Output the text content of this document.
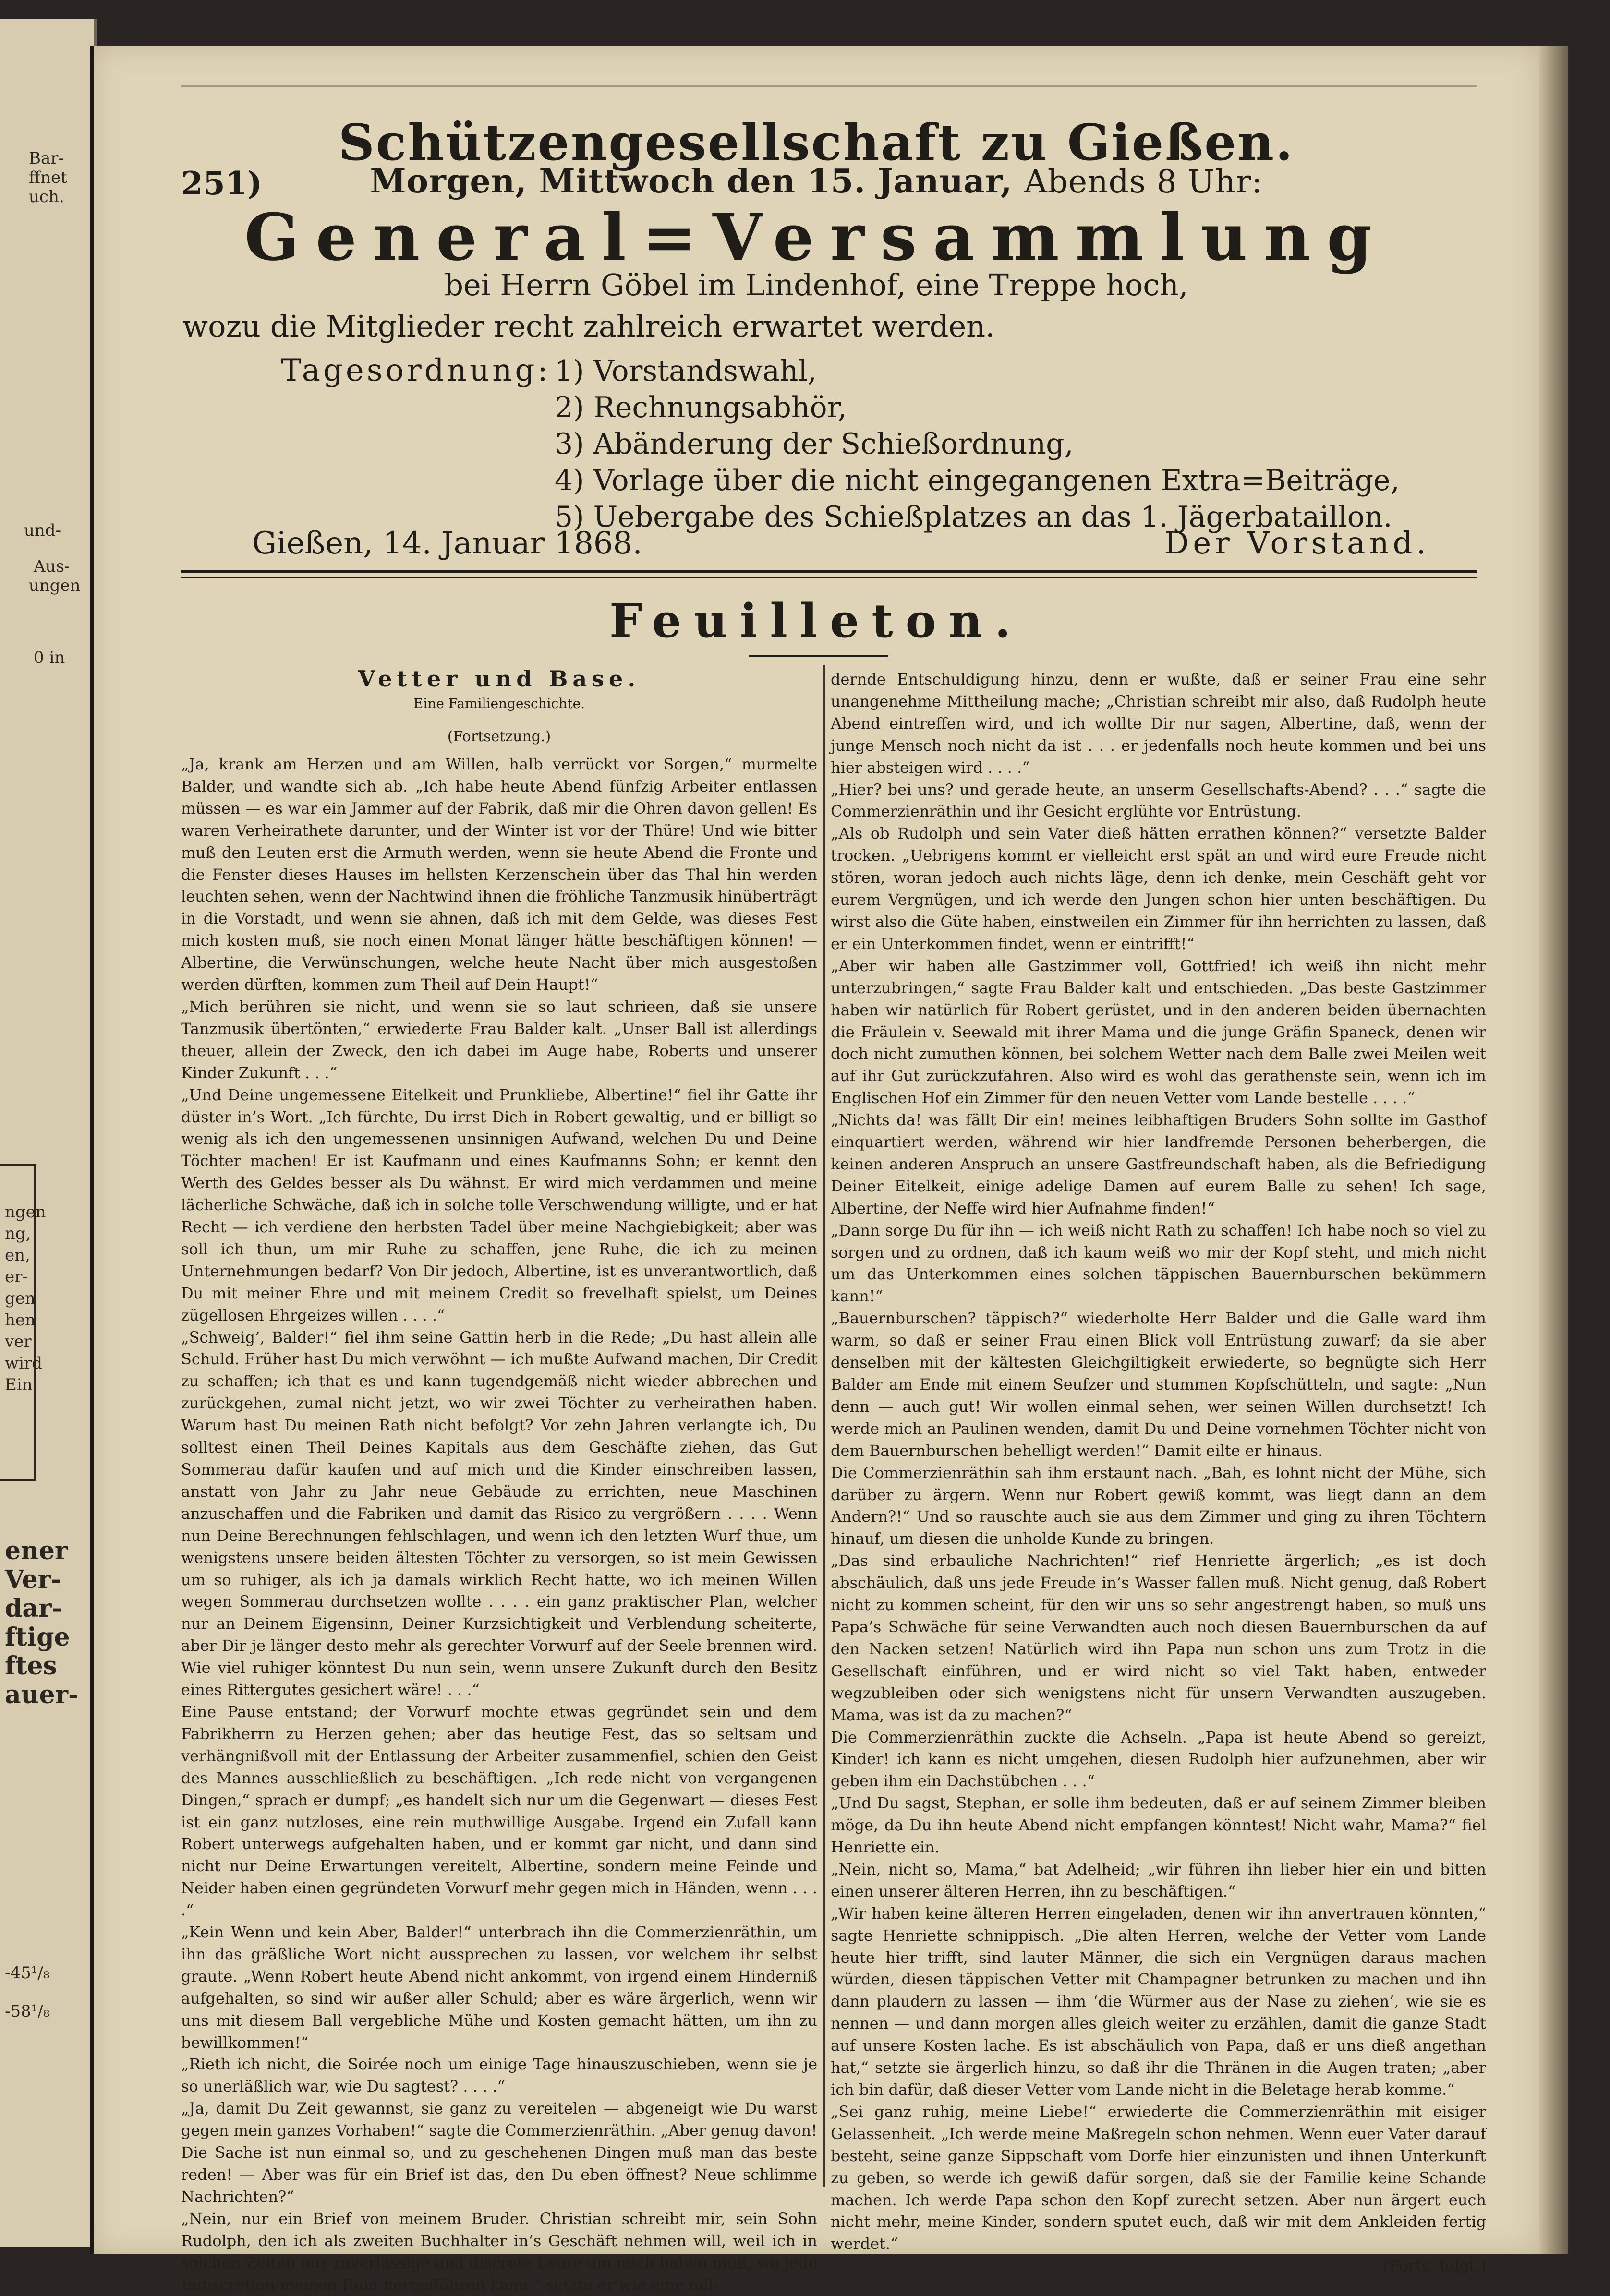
Bar-
ffnet
uch.
und-
Aus-
ungen
0 in
ngen
ng,
en,
er-
gen
hen
ver
wird
Ein
ener
Ver-
dar-
ftige
ftes
auer-
-45¹/₈
-58¹/₈
Schützengesellschaft zu Gießen.
251)	Morgen, Mittwoch den 15. Januar, Abends 8 Uhr:
General=Versammlung
bei Herrn Göbel im Lindenhof, eine Treppe hoch,
wozu die Mitglieder recht zahlreich erwartet werden.
Tagesordnung: 1) Vorstandswahl,
2) Rechnungsabhör,
3) Abänderung der Schießordnung,
4) Vorlage über die nicht eingegangenen Extra=Beiträge,
5) Uebergabe des Schießplatzes an das 1. Jägerbataillon.
Gießen, 14. Januar 1868.	Der Vorstand.
Feuilleton.
Vetter und Base.
Eine Familiengeschichte.
(Fortsetzung.)

„Ja, krank am Herzen und am Willen, halb verrückt vor Sorgen,“ murmelte Balder, und wandte sich ab. „Ich habe heute Abend fünfzig Arbeiter entlassen müssen — es war ein Jammer auf der Fabrik, daß mir die Ohren davon gellen! Es waren Verheirathete darunter, und der Winter ist vor der Thüre! Und wie bitter muß den Leuten erst die Armuth werden, wenn sie heute Abend die Fronte und die Fenster dieses Hauses im hellsten Kerzenschein über das Thal hin werden leuchten sehen, wenn der Nachtwind ihnen die fröhliche Tanzmusik hinüberträgt in die Vorstadt, und wenn sie ahnen, daß ich mit dem Gelde, was dieses Fest mich kosten muß, sie noch einen Monat länger hätte beschäftigen können! — Albertine, die Verwünschungen, welche heute Nacht über mich ausgestoßen werden dürften, kommen zum Theil auf Dein Haupt!“

„Mich berühren sie nicht, und wenn sie so laut schrieen, daß sie unsere Tanzmusik übertönten,“ erwiederte Frau Balder kalt. „Unser Ball ist allerdings theuer, allein der Zweck, den ich dabei im Auge habe, Roberts und unserer Kinder Zukunft . . .“

„Und Deine ungemessene Eitelkeit und Prunkliebe, Albertine!“ fiel ihr Gatte ihr düster in’s Wort. „Ich fürchte, Du irrst Dich in Robert gewaltig, und er billigt so wenig als ich den ungemessenen unsinnigen Aufwand, welchen Du und Deine Töchter machen! Er ist Kaufmann und eines Kaufmanns Sohn; er kennt den Werth des Geldes besser als Du wähnst. Er wird mich verdammen und meine lächerliche Schwäche, daß ich in solche tolle Verschwendung willigte, und er hat Recht — ich verdiene den herbsten Tadel über meine Nachgiebigkeit; aber was soll ich thun, um mir Ruhe zu schaffen, jene Ruhe, die ich zu meinen Unternehmungen bedarf? Von Dir jedoch, Albertine, ist es unverantwortlich, daß Du mit meiner Ehre und mit meinem Credit so frevelhaft spielst, um Deines zügellosen Ehrgeizes willen . . . .“

„Schweig’, Balder!“ fiel ihm seine Gattin herb in die Rede; „Du hast allein alle Schuld. Früher hast Du mich verwöhnt — ich mußte Aufwand machen, Dir Credit zu schaffen; ich that es und kann tugendgemäß nicht wieder abbrechen und zurückgehen, zumal nicht jetzt, wo wir zwei Töchter zu verheirathen haben. Warum hast Du meinen Rath nicht befolgt? Vor zehn Jahren verlangte ich, Du solltest einen Theil Deines Kapitals aus dem Geschäfte ziehen, das Gut Sommerau dafür kaufen und auf mich und die Kinder einschreiben lassen, anstatt von Jahr zu Jahr neue Gebäude zu errichten, neue Maschinen anzuschaffen und die Fabriken und damit das Risico zu vergrößern . . . . Wenn nun Deine Berechnungen fehlschlagen, und wenn ich den letzten Wurf thue, um wenigstens unsere beiden ältesten Töchter zu versorgen, so ist mein Gewissen um so ruhiger, als ich ja damals wirklich Recht hatte, wo ich meinen Willen wegen Sommerau durchsetzen wollte . . . . ein ganz praktischer Plan, welcher nur an Deinem Eigensinn, Deiner Kurzsichtigkeit und Verblendung scheiterte, aber Dir je länger desto mehr als gerechter Vorwurf auf der Seele brennen wird. Wie viel ruhiger könntest Du nun sein, wenn unsere Zukunft durch den Besitz eines Rittergutes gesichert wäre! . . .“

Eine Pause entstand; der Vorwurf mochte etwas gegründet sein und dem Fabrikherrn zu Herzen gehen; aber das heutige Fest, das so seltsam und verhängnißvoll mit der Entlassung der Arbeiter zusammenfiel, schien den Geist des Mannes ausschließlich zu beschäftigen. „Ich rede nicht von vergangenen Dingen,“ sprach er dumpf; „es handelt sich nur um die Gegenwart — dieses Fest ist ein ganz nutzloses, eine rein muthwillige Ausgabe. Irgend ein Zufall kann Robert unterwegs aufgehalten haben, und er kommt gar nicht, und dann sind nicht nur Deine Erwartungen vereitelt, Albertine, sondern meine Feinde und Neider haben einen gegründeten Vorwurf mehr gegen mich in Händen, wenn . . . .“

„Kein Wenn und kein Aber, Balder!“ unterbrach ihn die Commerzienräthin, um ihn das gräßliche Wort nicht aussprechen zu lassen, vor welchem ihr selbst graute. „Wenn Robert heute Abend nicht ankommt, von irgend einem Hinderniß aufgehalten, so sind wir außer aller Schuld; aber es wäre ärgerlich, wenn wir uns mit diesem Ball vergebliche Mühe und Kosten gemacht hätten, um ihn zu bewillkommen!“

„Rieth ich nicht, die Soirée noch um einige Tage hinauszuschieben, wenn sie je so unerläßlich war, wie Du sagtest? . . . .“

„Ja, damit Du Zeit gewannst, sie ganz zu vereitelen — abgeneigt wie Du warst gegen mein ganzes Vorhaben!“ sagte die Commerzienräthin. „Aber genug davon! Die Sache ist nun einmal so, und zu geschehenen Dingen muß man das beste reden! — Aber was für ein Brief ist das, den Du eben öffnest? Neue schlimme Nachrichten?“

„Nein, nur ein Brief von meinem Bruder. Christian schreibt mir, sein Sohn Rudolph, den ich als zweiten Buchhalter in’s Geschäft nehmen will, weil ich in solchen Zeiten nur zuverlässige und discrete Leute um mich haben muß, wo jede Indiscretion meinen Ruin herbeiführen kann,“ setzte er wie eine mil-

dernde Entschuldigung hinzu, denn er wußte, daß er seiner Frau eine sehr unangenehme Mittheilung mache; „Christian schreibt mir also, daß Rudolph heute Abend eintreffen wird, und ich wollte Dir nur sagen, Albertine, daß, wenn der junge Mensch noch nicht da ist . . . er jedenfalls noch heute kommen und bei uns hier absteigen wird . . . .“

„Hier? bei uns? und gerade heute, an unserm Gesellschafts-Abend? . . .“ sagte die Commerzienräthin und ihr Gesicht erglühte vor Entrüstung.

„Als ob Rudolph und sein Vater dieß hätten errathen können?“ versetzte Balder trocken. „Uebrigens kommt er vielleicht erst spät an und wird eure Freude nicht stören, woran jedoch auch nichts läge, denn ich denke, mein Geschäft geht vor eurem Vergnügen, und ich werde den Jungen schon hier unten beschäftigen. Du wirst also die Güte haben, einstweilen ein Zimmer für ihn herrichten zu lassen, daß er ein Unterkommen findet, wenn er eintrifft!“

„Aber wir haben alle Gastzimmer voll, Gottfried! ich weiß ihn nicht mehr unterzubringen,“ sagte Frau Balder kalt und entschieden. „Das beste Gastzimmer haben wir natürlich für Robert gerüstet, und in den anderen beiden übernachten die Fräulein v. Seewald mit ihrer Mama und die junge Gräfin Spaneck, denen wir doch nicht zumuthen können, bei solchem Wetter nach dem Balle zwei Meilen weit auf ihr Gut zurückzufahren. Also wird es wohl das gerathenste sein, wenn ich im Englischen Hof ein Zimmer für den neuen Vetter vom Lande bestelle . . . .“

„Nichts da! was fällt Dir ein! meines leibhaftigen Bruders Sohn sollte im Gasthof einquartiert werden, während wir hier landfremde Personen beherbergen, die keinen anderen Anspruch an unsere Gastfreundschaft haben, als die Befriedigung Deiner Eitelkeit, einige adelige Damen auf eurem Balle zu sehen! Ich sage, Albertine, der Neffe wird hier Aufnahme finden!“

„Dann sorge Du für ihn — ich weiß nicht Rath zu schaffen! Ich habe noch so viel zu sorgen und zu ordnen, daß ich kaum weiß wo mir der Kopf steht, und mich nicht um das Unterkommen eines solchen täppischen Bauernburschen bekümmern kann!“

„Bauernburschen? täppisch?“ wiederholte Herr Balder und die Galle ward ihm warm, so daß er seiner Frau einen Blick voll Entrüstung zuwarf; da sie aber denselben mit der kältesten Gleichgiltigkeit erwiederte, so begnügte sich Herr Balder am Ende mit einem Seufzer und stummen Kopfschütteln, und sagte: „Nun denn — auch gut! Wir wollen einmal sehen, wer seinen Willen durchsetzt! Ich werde mich an Paulinen wenden, damit Du und Deine vornehmen Töchter nicht von dem Bauernburschen behelligt werden!“ Damit eilte er hinaus.

Die Commerzienräthin sah ihm erstaunt nach. „Bah, es lohnt nicht der Mühe, sich darüber zu ärgern. Wenn nur Robert gewiß kommt, was liegt dann an dem Andern?!“ Und so rauschte auch sie aus dem Zimmer und ging zu ihren Töchtern hinauf, um diesen die unholde Kunde zu bringen.

„Das sind erbauliche Nachrichten!“ rief Henriette ärgerlich; „es ist doch abschäulich, daß uns jede Freude in’s Wasser fallen muß. Nicht genug, daß Robert nicht zu kommen scheint, für den wir uns so sehr angestrengt haben, so muß uns Papa’s Schwäche für seine Verwandten auch noch diesen Bauernburschen da auf den Nacken setzen! Natürlich wird ihn Papa nun schon uns zum Trotz in die Gesellschaft einführen, und er wird nicht so viel Takt haben, entweder wegzubleiben oder sich wenigstens nicht für unsern Verwandten auszugeben. Mama, was ist da zu machen?“

Die Commerzienräthin zuckte die Achseln. „Papa ist heute Abend so gereizt, Kinder! ich kann es nicht umgehen, diesen Rudolph hier aufzunehmen, aber wir geben ihm ein Dachstübchen . . .“

„Und Du sagst, Stephan, er solle ihm bedeuten, daß er auf seinem Zimmer bleiben möge, da Du ihn heute Abend nicht empfangen könntest! Nicht wahr, Mama?“ fiel Henriette ein.

„Nein, nicht so, Mama,“ bat Adelheid; „wir führen ihn lieber hier ein und bitten einen unserer älteren Herren, ihn zu beschäftigen.“

„Wir haben keine älteren Herren eingeladen, denen wir ihn anvertrauen könnten,“ sagte Henriette schnippisch. „Die alten Herren, welche der Vetter vom Lande heute hier trifft, sind lauter Männer, die sich ein Vergnügen daraus machen würden, diesen täppischen Vetter mit Champagner betrunken zu machen und ihn dann plaudern zu lassen — ihm ‘die Würmer aus der Nase zu ziehen’, wie sie es nennen — und dann morgen alles gleich weiter zu erzählen, damit die ganze Stadt auf unsere Kosten lache. Es ist abschäulich von Papa, daß er uns dieß angethan hat,“ setzte sie ärgerlich hinzu, so daß ihr die Thränen in die Augen traten; „aber ich bin dafür, daß dieser Vetter vom Lande nicht in die Beletage herab komme.“

„Sei ganz ruhig, meine Liebe!“ erwiederte die Commerzienräthin mit eisiger Gelassenheit. „Ich werde meine Maßregeln schon nehmen. Wenn euer Vater darauf besteht, seine ganze Sippschaft vom Dorfe hier einzunisten und ihnen Unterkunft zu geben, so werde ich gewiß dafür sorgen, daß sie der Familie keine Schande machen. Ich werde Papa schon den Kopf zurecht setzen. Aber nun ärgert euch nicht mehr, meine Kinder, sondern sputet euch, daß wir mit dem Ankleiden fertig werdet.“

(Forts. folgt.)
